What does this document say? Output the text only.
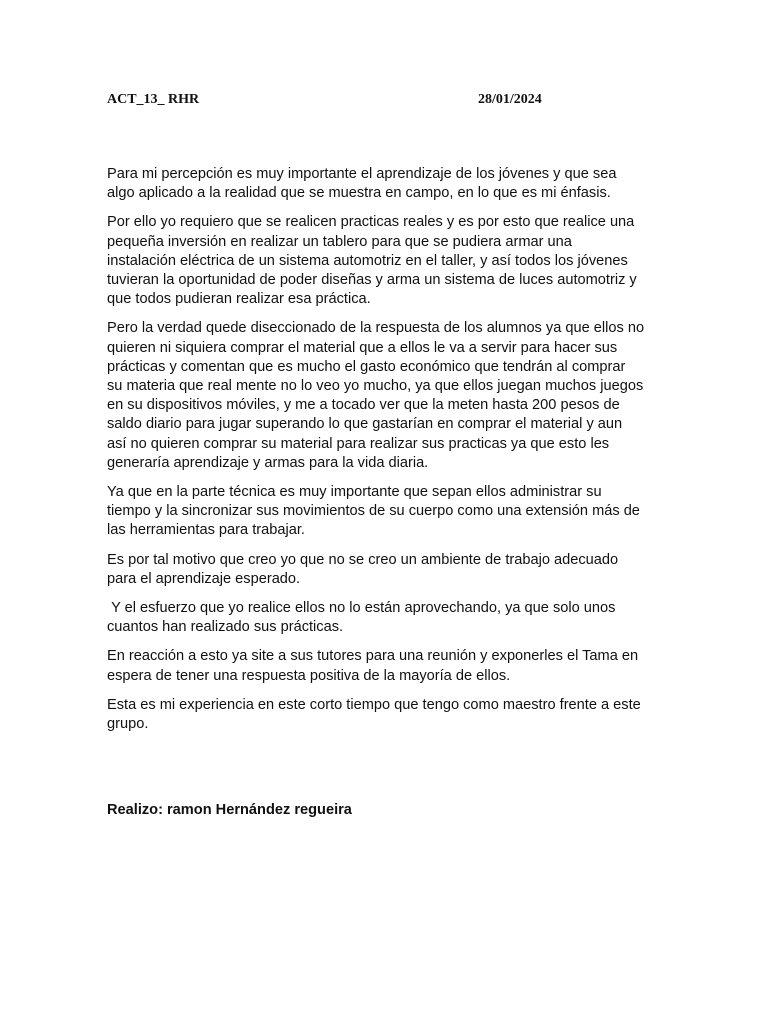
ACT_13_ RHR	28/01/2024

Para mi percepción es muy importante el aprendizaje de los jóvenes y que sea
algo aplicado a la realidad que se muestra en campo, en lo que es mi énfasis.

Por ello yo requiero que se realicen practicas reales y es por esto que realice una
pequeña inversión en realizar un tablero para que se pudiera armar una
instalación eléctrica de un sistema automotriz en el taller, y así todos los jóvenes
tuvieran la oportunidad de poder diseñas y arma un sistema de luces automotriz y
que todos pudieran realizar esa práctica.

Pero la verdad quede diseccionado de la respuesta de los alumnos ya que ellos no
quieren ni siquiera comprar el material que a ellos le va a servir para hacer sus
prácticas y comentan que es mucho el gasto económico que tendrán al comprar
su materia que real mente no lo veo yo mucho, ya que ellos juegan muchos juegos
en su dispositivos móviles, y me a tocado ver que la meten hasta 200 pesos de
saldo diario para jugar superando lo que gastarían en comprar el material y aun
así no quieren comprar su material para realizar sus practicas ya que esto les
generaría aprendizaje y armas para la vida diaria.

Ya que en la parte técnica es muy importante que sepan ellos administrar su
tiempo y la sincronizar sus movimientos de su cuerpo como una extensión más de
las herramientas para trabajar.

Es por tal motivo que creo yo que no se creo un ambiente de trabajo adecuado
para el aprendizaje esperado.

Y el esfuerzo que yo realice ellos no lo están aprovechando, ya que solo unos
cuantos han realizado sus prácticas.

En reacción a esto ya site a sus tutores para una reunión y exponerles el Tama en
espera de tener una respuesta positiva de la mayoría de ellos.

Esta es mi experiencia en este corto tiempo que tengo como maestro frente a este
grupo.

Realizo: ramon Hernández regueira
